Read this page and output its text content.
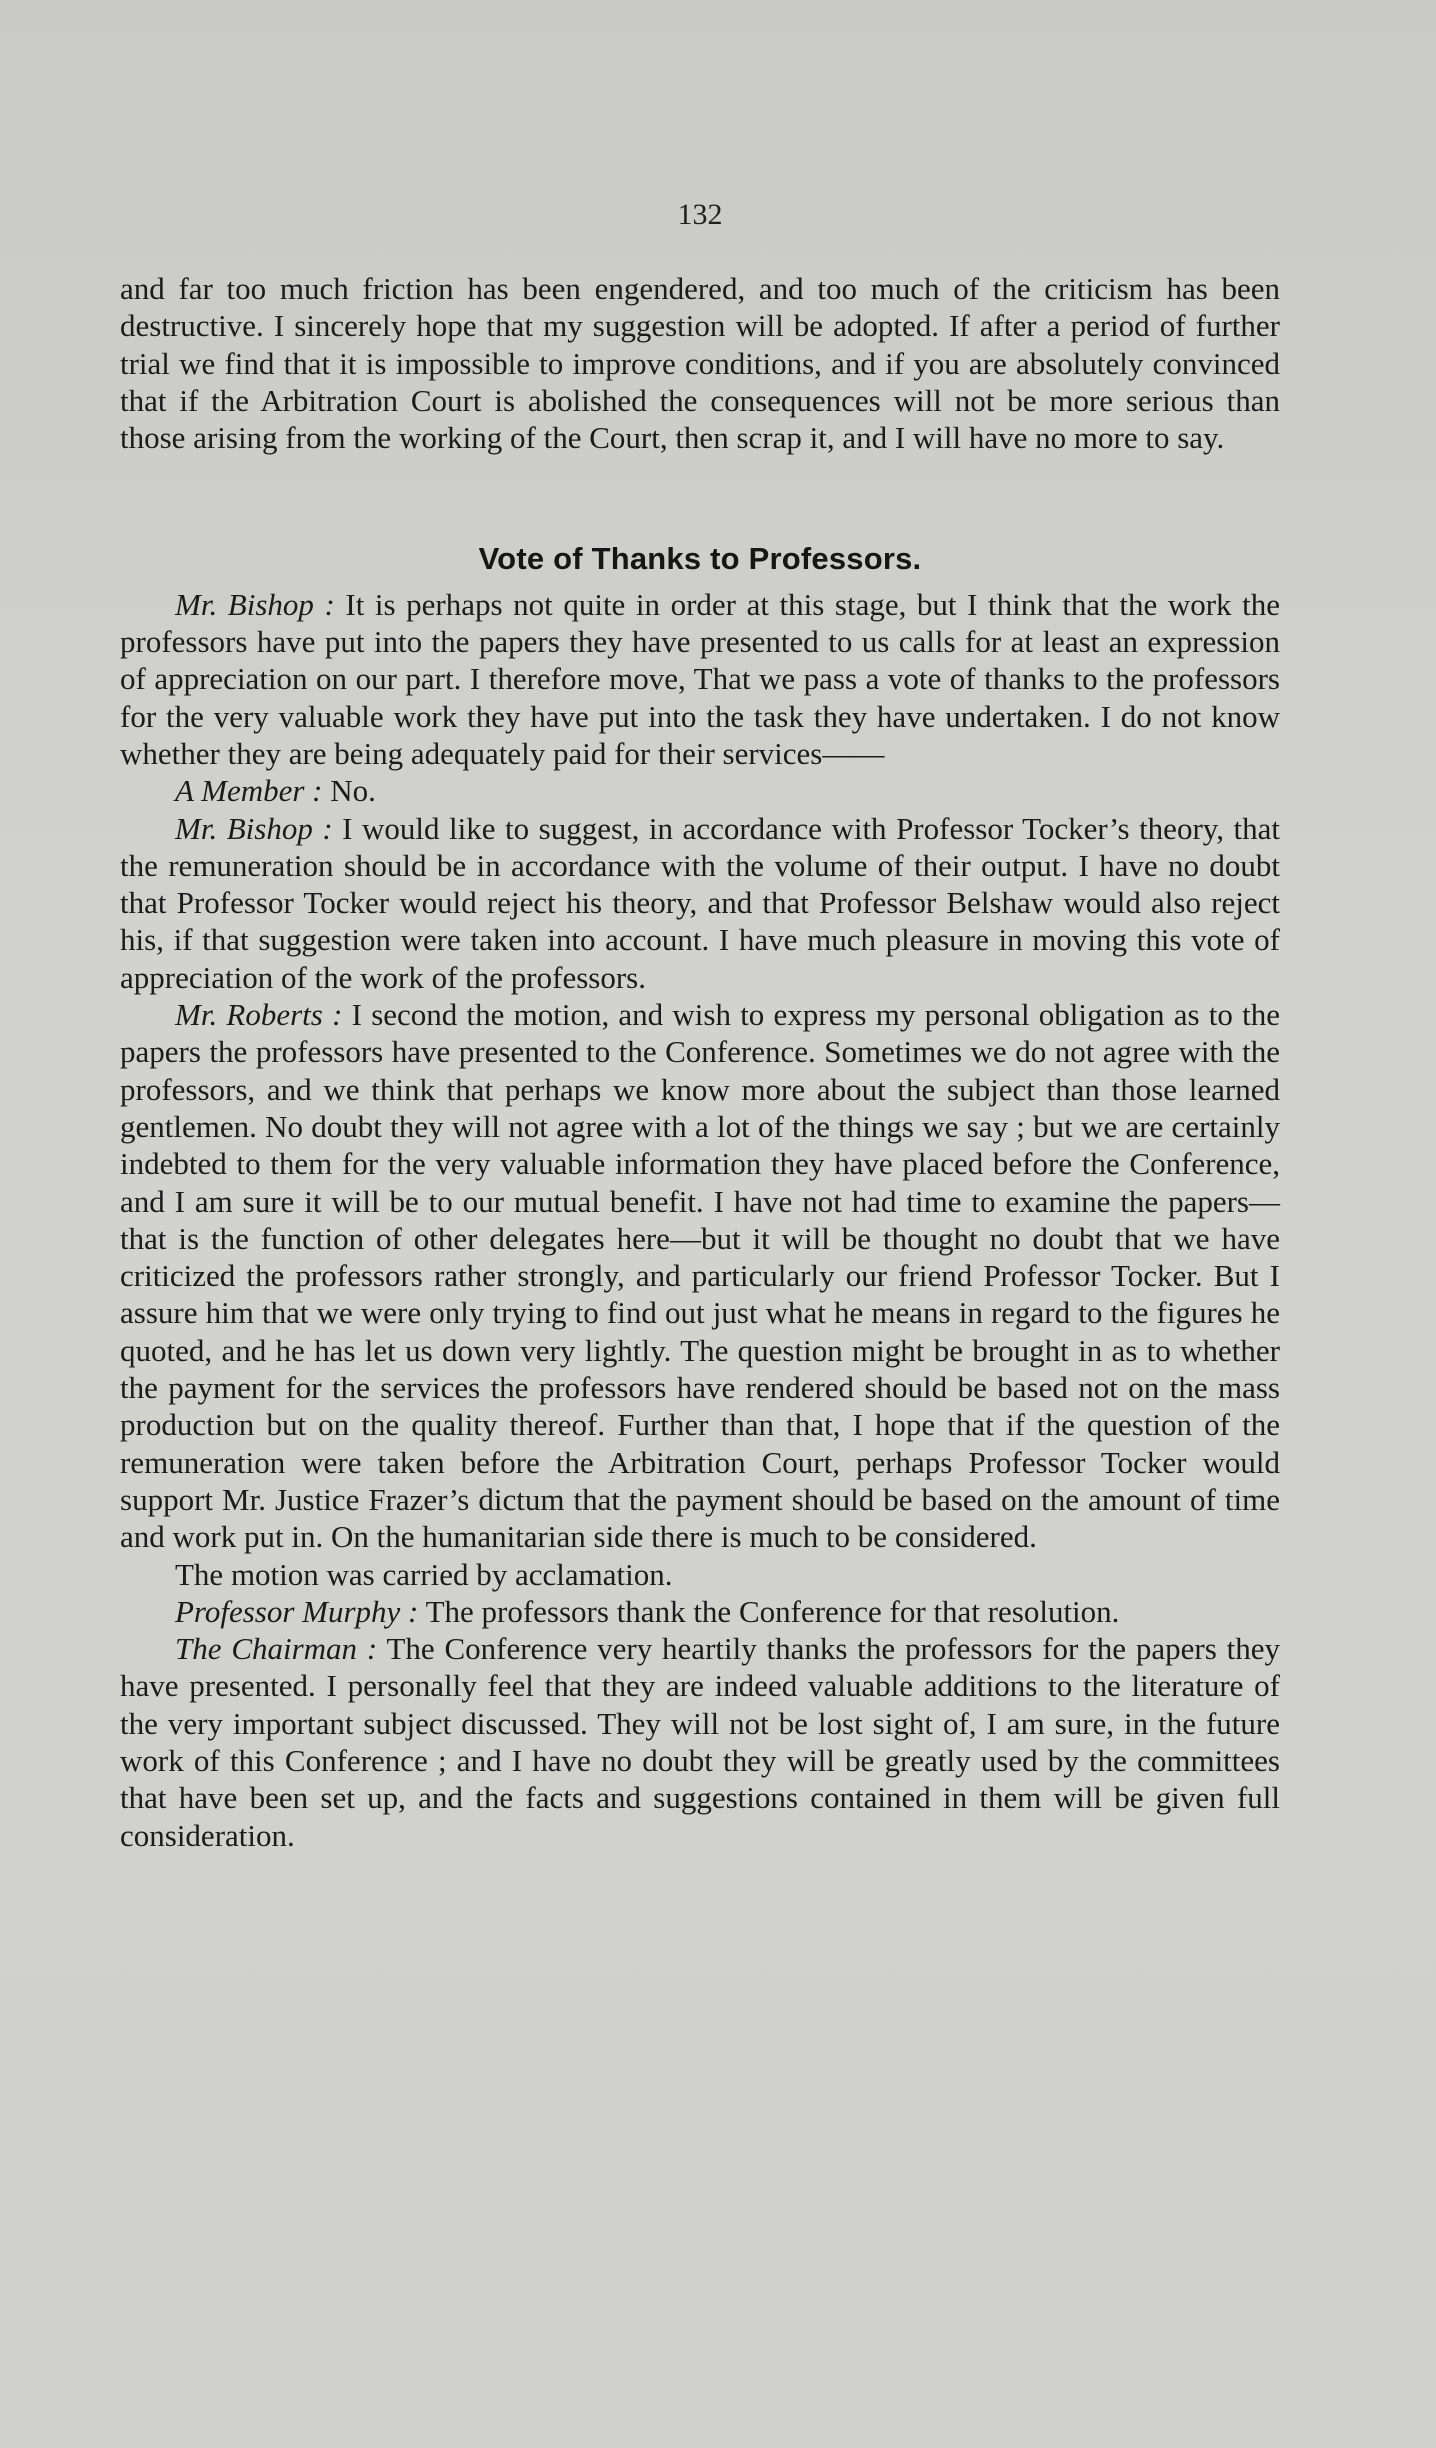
132

and far too much friction has been engendered, and too much of the criticism has been destructive. I sincerely hope that my suggestion will be adopted. If after a period of further trial we find that it is impossible to improve conditions, and if you are absolutely convinced that if the Arbitration Court is abolished the consequences will not be more serious than those arising from the working of the Court, then scrap it, and I will have no more to say.

Vote of Thanks to Professors.

Mr. Bishop : It is perhaps not quite in order at this stage, but I think that the work the professors have put into the papers they have presented to us calls for at least an expression of appreciation on our part. I therefore move, That we pass a vote of thanks to the professors for the very valuable work they have put into the task they have undertaken. I do not know whether they are being adequately paid for their services——

A Member : No.

Mr. Bishop : I would like to suggest, in accordance with Professor Tocker’s theory, that the remuneration should be in accordance with the volume of their output. I have no doubt that Professor Tocker would reject his theory, and that Professor Belshaw would also reject his, if that suggestion were taken into account. I have much pleasure in moving this vote of appreciation of the work of the professors.

Mr. Roberts : I second the motion, and wish to express my personal obligation as to the papers the professors have presented to the Conference. Sometimes we do not agree with the professors, and we think that perhaps we know more about the subject than those learned gentlemen. No doubt they will not agree with a lot of the things we say ; but we are certainly indebted to them for the very valuable information they have placed before the Conference, and I am sure it will be to our mutual benefit. I have not had time to examine the papers—that is the function of other delegates here—but it will be thought no doubt that we have criticized the professors rather strongly, and particularly our friend Professor Tocker. But I assure him that we were only trying to find out just what he means in regard to the figures he quoted, and he has let us down very lightly. The question might be brought in as to whether the payment for the services the professors have rendered should be based not on the mass production but on the quality thereof. Further than that, I hope that if the question of the remuneration were taken before the Arbitration Court, perhaps Professor Tocker would support Mr. Justice Frazer’s dictum that the payment should be based on the amount of time and work put in. On the humanitarian side there is much to be considered.

The motion was carried by acclamation.

Professor Murphy : The professors thank the Conference for that resolution.

The Chairman : The Conference very heartily thanks the professors for the papers they have presented. I personally feel that they are indeed valuable additions to the literature of the very important subject discussed. They will not be lost sight of, I am sure, in the future work of this Conference ; and I have no doubt they will be greatly used by the committees that have been set up, and the facts and suggestions contained in them will be given full consideration.
